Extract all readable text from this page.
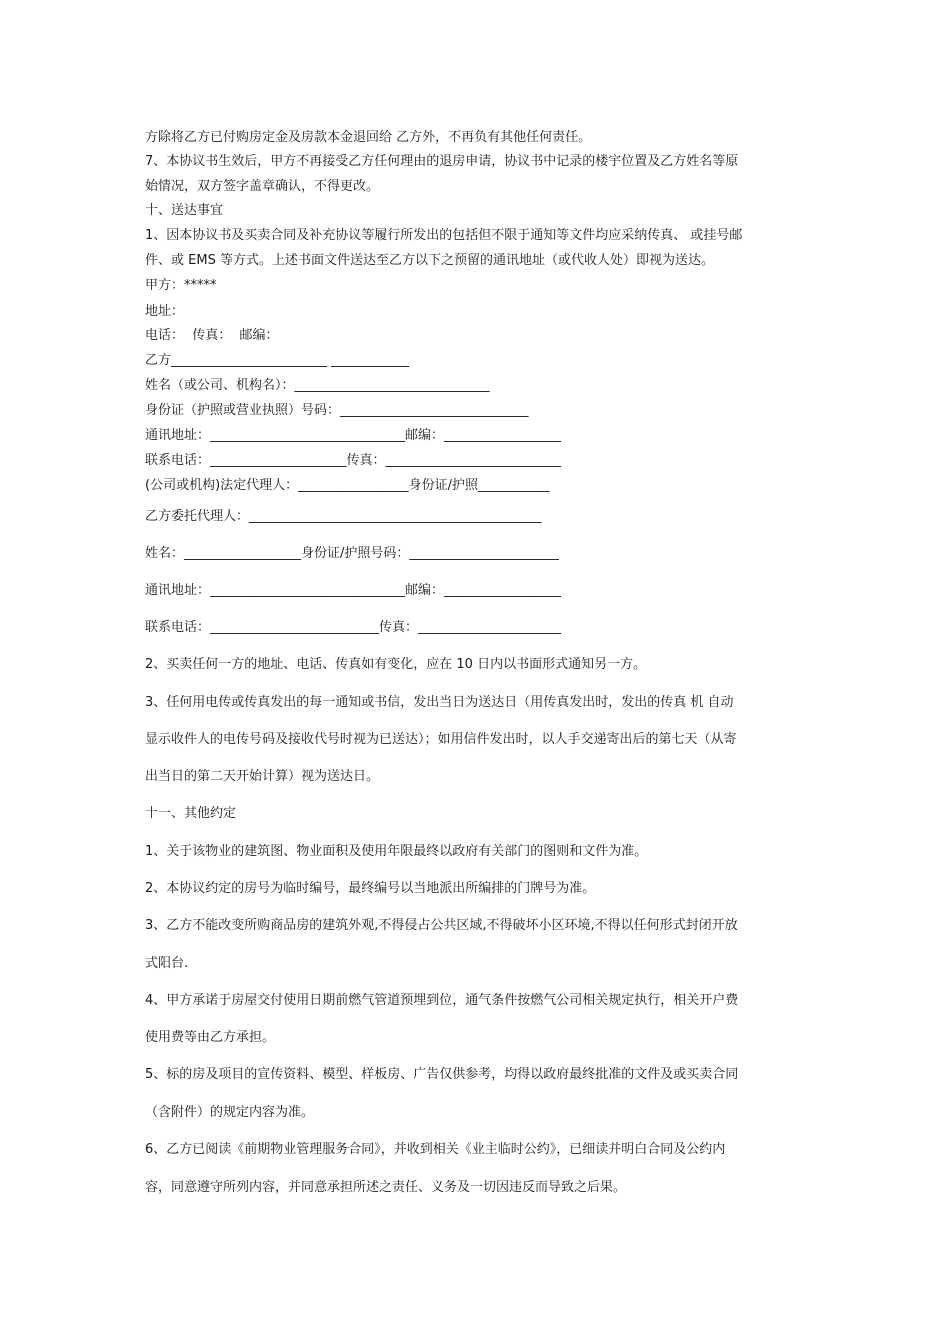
方除将乙方已付购房定金及房款本金退回给 乙方外，不再负有其他任何责任。
7、本协议书生效后，甲方不再接受乙方任何理由的退房申请，协议书中记录的楼宇位置及乙方姓名等原
始情况，双方签字盖章确认，不得更改。
十、送达事宜
1、因本协议书及买卖合同及补充协议等履行所发出的包括但不限于通知等文件均应采纳传真、 或挂号邮
件、或 EMS 等方式。上述书面文件送达至乙方以下之预留的通讯地址（或代收人处）即视为送达。
甲方：*****
地址：
电话：  传真：  邮编：
乙方________________________ ____________
姓名（或公司、机构名）：______________________________
身份证（护照或营业执照）号码：_____________________________
通讯地址：______________________________邮编：__________________
联系电话：_____________________传真：___________________________
(公司或机构)法定代理人：_________________身份证/护照___________
乙方委托代理人：_____________________________________________
姓名：__________________身份证/护照号码：_______________________
通讯地址：______________________________邮编：__________________
联系电话：__________________________传真：______________________
2、买卖任何一方的地址、电话、传真如有变化，应在 10 日内以书面形式通知另一方。
3、任何用电传或传真发出的每一通知或书信，发出当日为送达日（用传真发出时，发出的传真 机 自动
显示收件人的电传号码及接收代号时视为已送达）；如用信件发出时，以人手交递寄出后的第七天（从寄
出当日的第二天开始计算）视为送达日。
十一、其他约定
1、关于该物业的建筑图、物业面积及使用年限最终以政府有关部门的图则和文件为准。
2、本协议约定的房号为临时编号，最终编号以当地派出所编排的门牌号为准。
3、乙方不能改变所购商品房的建筑外观,不得侵占公共区域,不得破坏小区环境,不得以任何形式封闭开放
式阳台.
4、甲方承诺于房屋交付使用日期前燃气管道预埋到位，通气条件按燃气公司相关规定执行，相关开户费
使用费等由乙方承担。
5、标的房及项目的宣传资料、模型、样板房、广告仅供参考，均得以政府最终批准的文件及或买卖合同
（含附件）的规定内容为准。
6、乙方已阅读《前期物业管理服务合同》，并收到相关《业主临时公约》，已细读并明白合同及公约内
容，同意遵守所列内容，并同意承担所述之责任、义务及一切因违反而导致之后果。
